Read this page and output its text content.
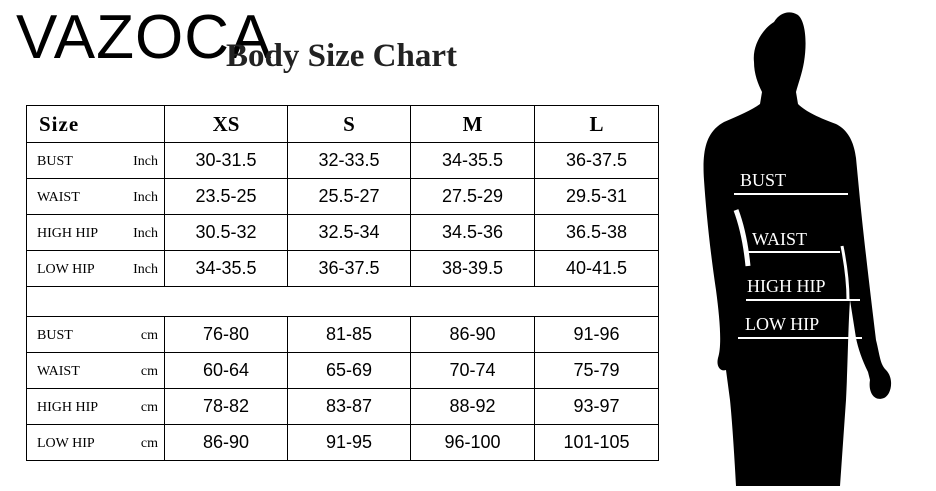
VAZOCA
Body Size Chart
Size	XS	S	M	L

BUST Inch	30-31.5	32-33.5	34-35.5	36-37.5

WAIST Inch	23.5-25	25.5-27	27.5-29	29.5-31

HIGH HIP Inch	30.5-32	32.5-34	34.5-36	36.5-38

LOW HIP Inch	34-35.5	36-37.5	38-39.5	40-41.5

BUST cm	76-80	81-85	86-90	91-96

WAIST cm	60-64	65-69	70-74	75-79

HIGH HIP cm	78-82	83-87	88-92	93-97

LOW HIP cm	86-90	91-95	96-100	101-105
BUST
WAIST
HIGH HIP
LOW HIP
